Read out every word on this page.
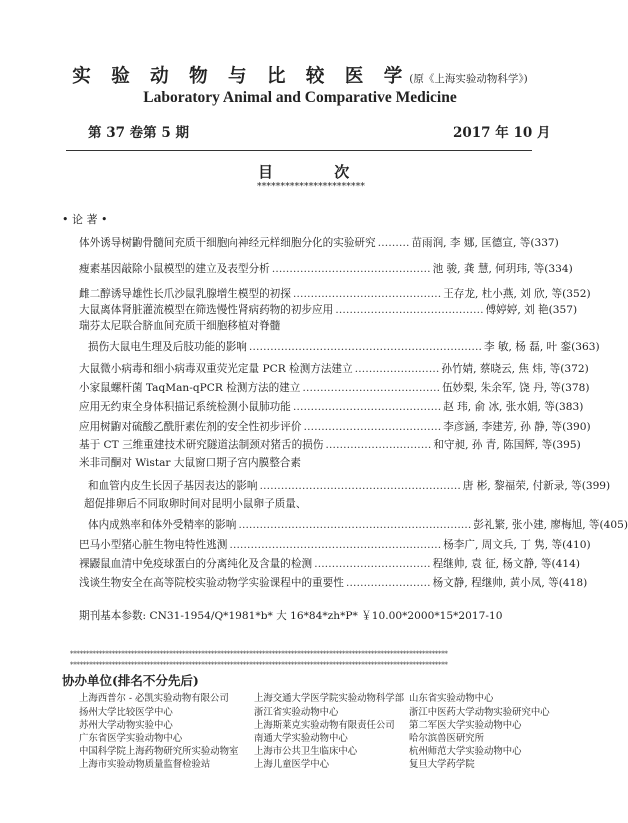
实 验 动 物 与 比 较 医 学(原《上海实验动物科学》)
Laboratory Animal and Comparative Medicine
第 37 卷第 5 期	2017 年 10 月
目 次
***********************
• 论 著 •
体外诱导树鼩骨髓间充质干细胞向神经元样细胞分化的实验研究 ……… 苗雨润, 李 娜, 匡德宣, 等(337)
瘦素基因敲除小鼠模型的建立及表型分析 ……………………………………… 池 骏, 龚 慧, 何玥玮, 等(334)
雌二醇诱导雄性长爪沙鼠乳腺增生模型的初探 …………………………………… 王存龙, 杜小燕, 刘 欣, 等(352)
大鼠离体肾脏灌流模型在筛选慢性肾病药物的初步应用 …………………………………… 傅婷婷, 刘 艳(357)
瑞芬太尼联合脐血间充质干细胞移植对脊髓
损伤大鼠电生理及后肢功能的影响 ………………………………………………………… 李 敏, 杨 磊, 叶 銮(363)
大鼠微小病毒和细小病毒双重荧光定量 PCR 检测方法建立 …………………… 孙竹婧, 蔡晓云, 焦 炜, 等(372)
小家鼠螺杆菌 TaqMan-qPCR 检测方法的建立 ………………………………… 伍妙梨, 朱余军, 饶 丹, 等(378)
应用无约束全身体积描记系统检测小鼠肺功能 …………………………………… 赵 玮, 俞 冰, 张水娟, 等(383)
应用树鼩对硫酸乙酰肝素佐剂的安全性初步评价 ………………………………… 李彦涵, 李建芳, 孙 静, 等(390)
基于 CT 三维重建技术研究隧道法制颈对猪舌的损伤 ………………………… 和守昶, 孙 青, 陈国辉, 等(395)
米非司酮对 Wistar 大鼠窗口期子宫内膜整合素
和血管内皮生长因子基因表达的影响 ………………………………………………… 唐 彬, 黎福荣, 付新录, 等(399)
超促排卵后不同取卵时间对昆明小鼠卵子质量、
体内成熟率和体外受精率的影响 ………………………………………………………… 彭礼繁, 张小建, 廖梅旭, 等(405)
巴马小型猪心脏生物电特性逃测 …………………………………………………… 杨李广, 周文兵, 丁 隽, 等(410)
裸鼹鼠血清中免疫球蛋白的分离纯化及含量的检测 …………………………… 程继帅, 袁 征, 杨文静, 等(414)
浅谈生物安全在高等院校实验动物学实验课程中的重要性 …………………… 杨文静, 程继帅, 黄小凤, 等(418)
期刊基本参数: CN31-1954/Q*1981*b* 大 16*84*zh*P* ￥10.00*2000*15*2017-10
**********************************************************************************************************************
**********************************************************************************************************************
协办单位(排名不分先后)
上海西普尔 - 必凯实验动物有限公司
扬州大学比较医学中心
苏州大学动物实验中心
广东省医学实验动物中心
中国科学院上海药物研究所实验动物室
上海市实验动物质量监督检验站
上海交通大学医学院实验动物科学部
浙江省实验动物中心
上海斯莱克实验动物有限责任公司
南通大学实验动物中心
上海市公共卫生临床中心
上海儿童医学中心
山东省实验动物中心
浙江中医药大学动物实验研究中心
第二军医大学实验动物中心
哈尔滨兽医研究所
杭州师范大学实验动物中心
复旦大学药学院
